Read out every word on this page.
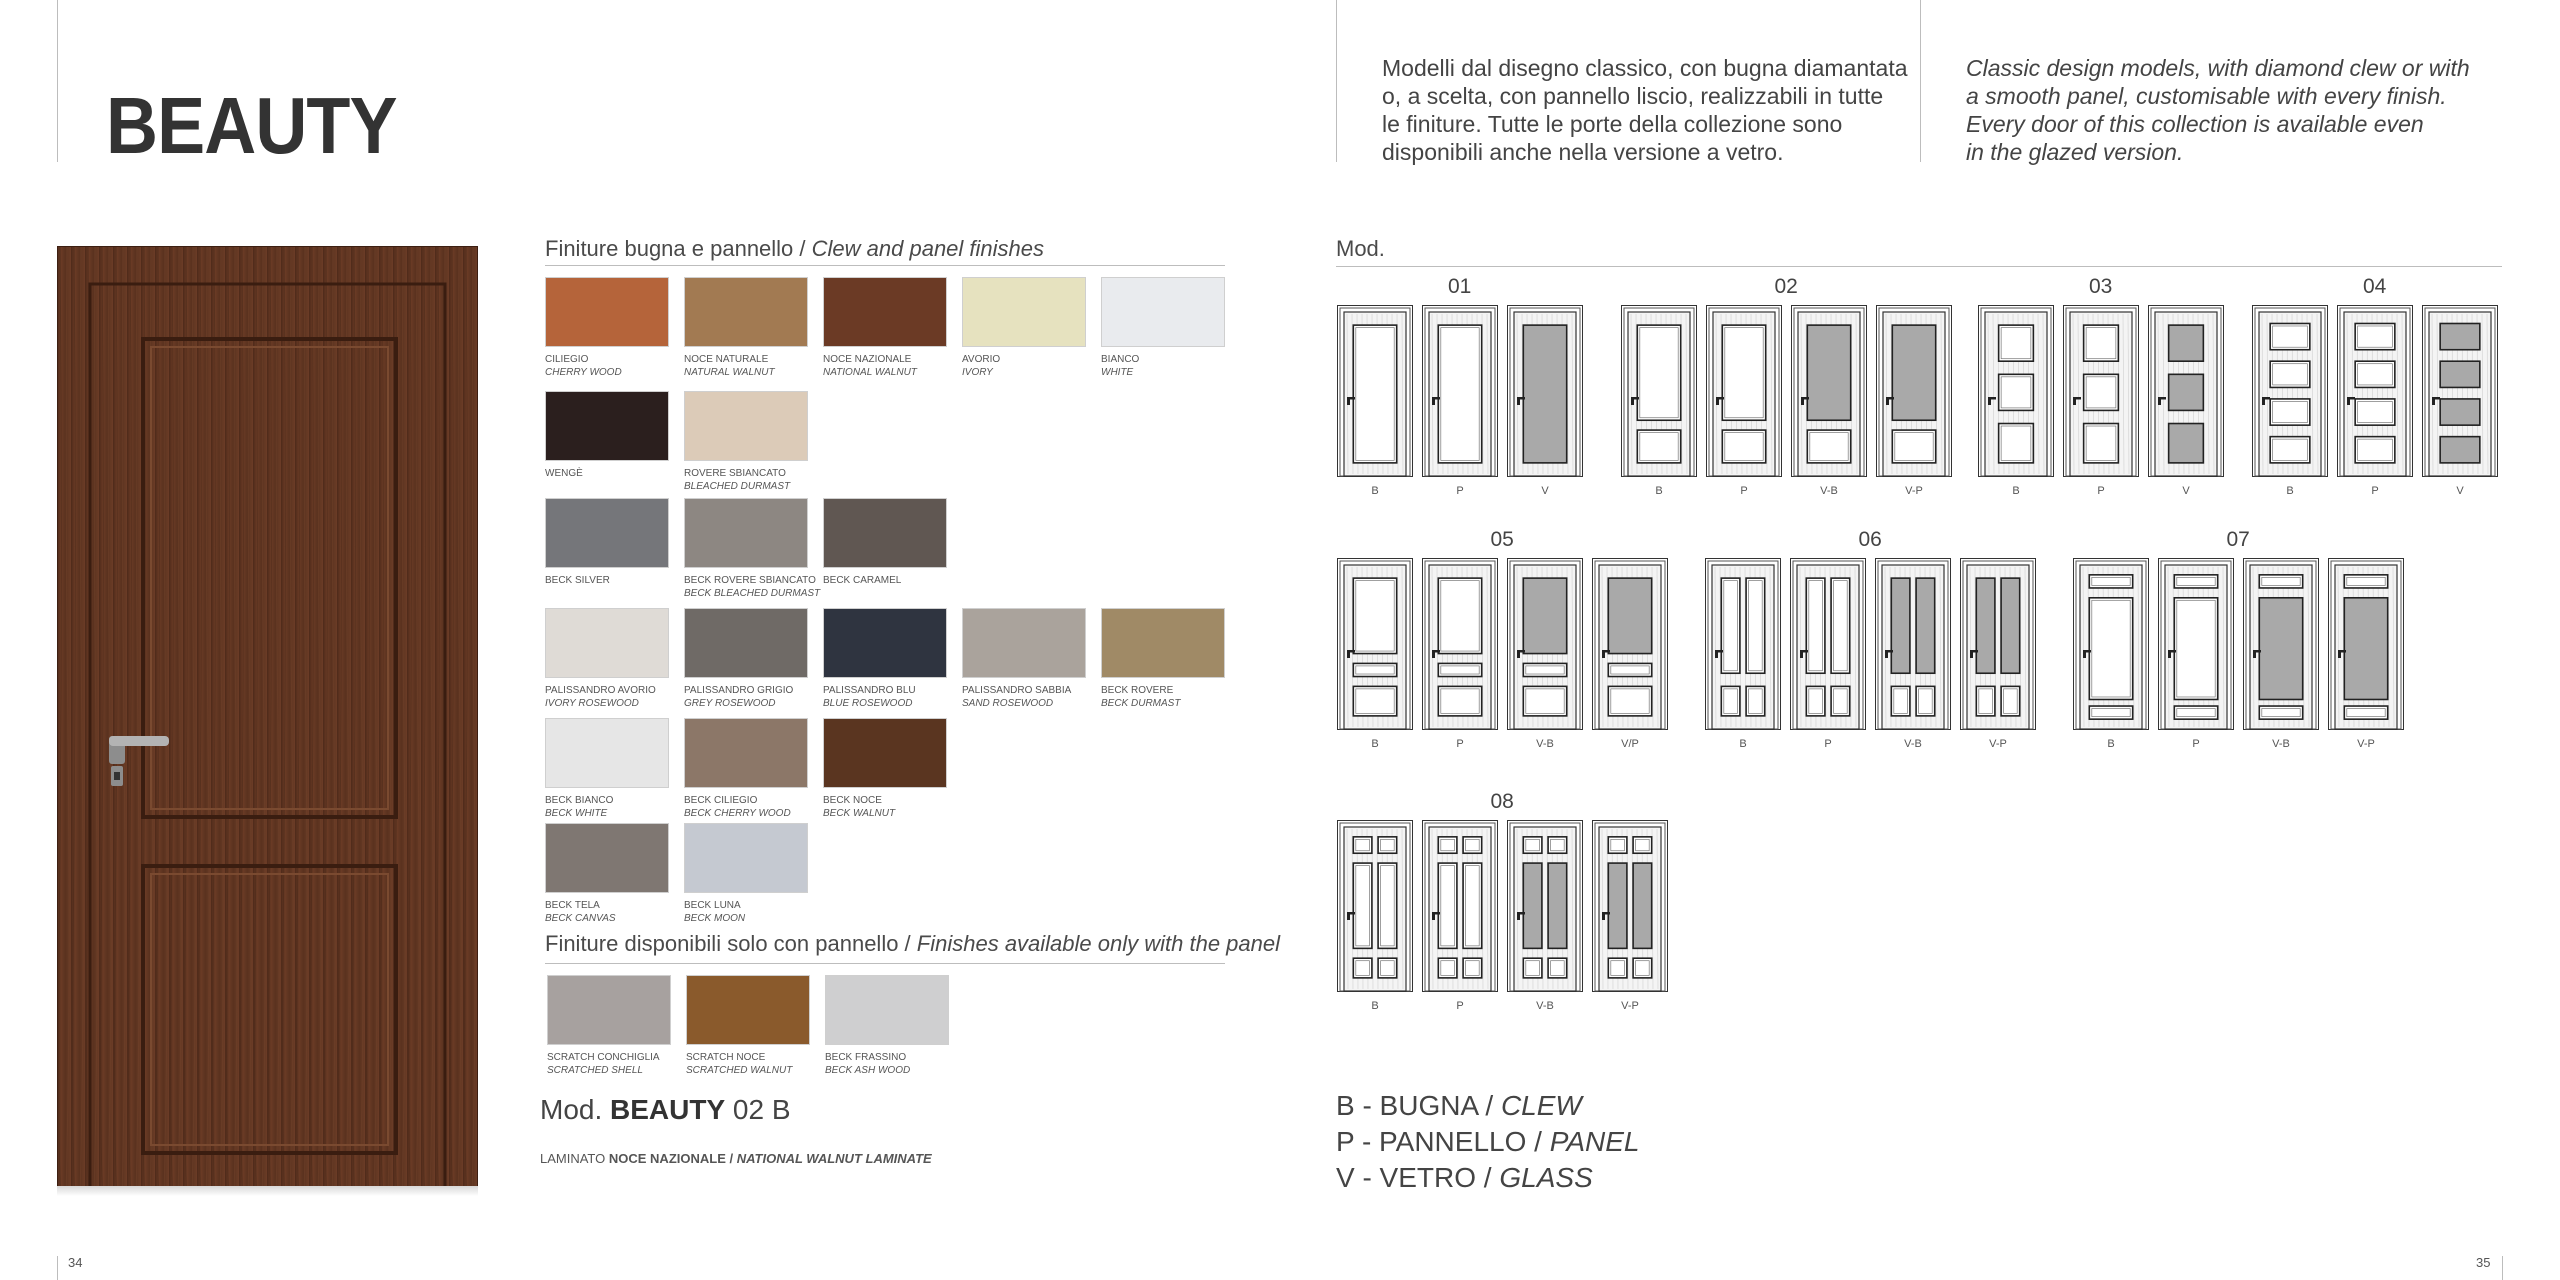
BEAUTY
Finiture bugna e pannello / Clew and panel finishes
CILIEGIO
CHERRY WOOD
NOCE NATURALE
NATURAL WALNUT
NOCE NAZIONALE
NATIONAL WALNUT
AVORIO
IVORY
BIANCO
WHITE
WENGÈ	ROVERE SBIANCATO
BLEACHED DURMAST
BECK SILVER	BECK ROVERE SBIANCATO
BECK BLEACHED DURMAST
BECK CARAMEL
PALISSANDRO AVORIO
IVORY ROSEWOOD
PALISSANDRO GRIGIO
GREY ROSEWOOD
PALISSANDRO BLU
BLUE ROSEWOOD
PALISSANDRO SABBIA
SAND ROSEWOOD
BECK ROVERE
BECK DURMAST
BECK BIANCO
BECK WHITE
BECK CILIEGIO
BECK CHERRY WOOD
BECK NOCE
BECK WALNUT
BECK TELA
BECK CANVAS
BECK LUNA
BECK MOON
Finiture disponibili solo con pannello / Finishes available only with the panel
SCRATCH CONCHIGLIA
SCRATCHED SHELL
SCRATCH NOCE
SCRATCHED WALNUT
BECK FRASSINO
BECK ASH WOOD
Mod. BEAUTY 02 B
LAMINATO NOCE NAZIONALE / NATIONAL WALNUT LAMINATE
34
Modelli dal disegno classico, con bugna diamantata
o, a scelta, con pannello liscio, realizzabili in tutte
le finiture. Tutte le porte della collezione sono
disponibili anche nella versione a vetro.
Classic design models, with diamond clew or with
a smooth panel, customisable with every finish.
Every door of this collection is available even
in the glazed version.
Mod.
01
B	P	V
02
B	P	V-B	V-P
03
B	P	V
04
B	P	V
05
B	P	V-B	V/P
06
B	P	V-B	V-P
07
B	P	V-B	V-P
08
B	P	V-B	V-P
B - BUGNA / CLEW
P - PANNELLO / PANEL
V - VETRO / GLASS
35
